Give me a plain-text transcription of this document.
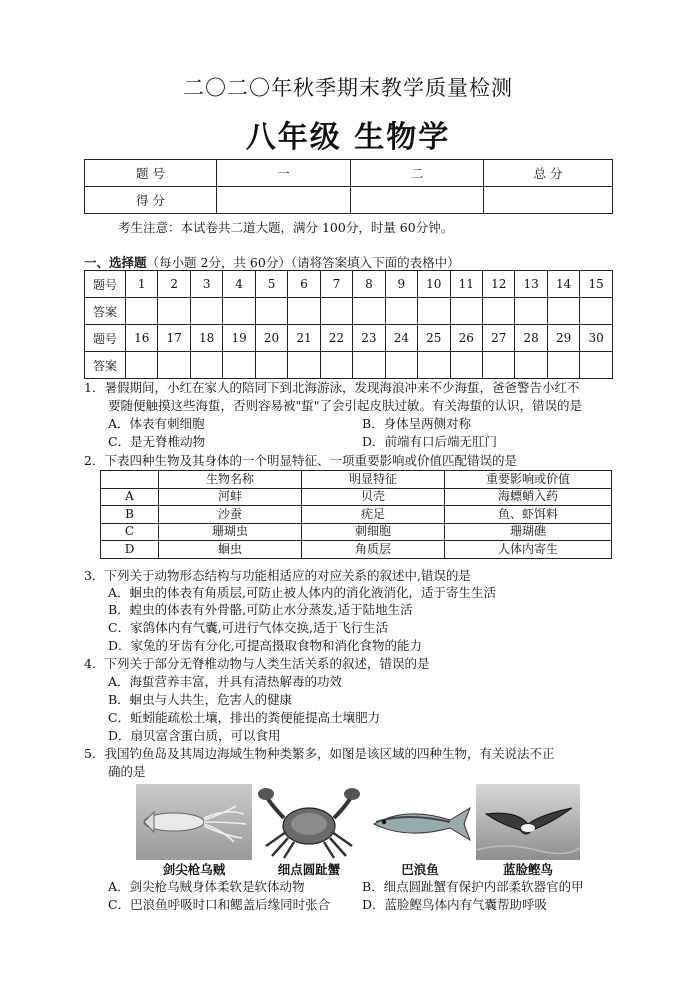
二〇二〇年秋季期末教学质量检测
八年级 生物学
题 号	一	二	总 分
得 分			
考生注意：本试卷共二道大题，满分 100分，时量 60分钟。
一、选择题（每小题 2分，共 60分）（请将答案填入下面的表格中）
题号	1	2	3	4	5	6	7	8	9	10	11	12	13	14	15
答案															
题号	16	17	18	19	20	21	22	23	24	25	26	27	28	29	30
答案															
1．暑假期间，小红在家人的陪同下到北海游泳，发现海浪冲来不少海蜇，爸爸警告小红不
要随便触摸这些海蜇，否则容易被"蜇"了会引起皮肤过敏。有关海蜇的认识，错误的是
A．体表有刺细胞	B．身体呈两侧对称
C．是无脊椎动物	D．前端有口后端无肛门
2．下表四种生物及其身体的一个明显特征、一项重要影响或价值匹配错误的是
	生物名称	明显特征	重要影响或价值
A	河蚌	贝壳	海螵蛸入药
B	沙蚕	疣足	鱼、虾饵料
C	珊瑚虫	刺细胞	珊瑚礁
D	蛔虫	角质层	人体内寄生
3．下列关于动物形态结构与功能相适应的对应关系的叙述中,错误的是
A．蛔虫的体表有角质层,可防止被人体内的消化液消化，适于寄生生活
B．蝗虫的体表有外骨骼,可防止水分蒸发,适于陆地生活
C．家鸽体内有气囊,可进行气体交换,适于飞行生活
D．家兔的牙齿有分化,可提高摄取食物和消化食物的能力
4．下列关于部分无脊椎动物与人类生活关系的叙述，错误的是
A．海蜇营养丰富，并具有清热解毒的功效
B．蛔虫与人共生，危害人的健康
C．蚯蚓能疏松土壤，排出的粪便能提高土壤肥力
D．扇贝富含蛋白质，可以食用
5．我国钓鱼岛及其周边海域生物种类繁多，如图是该区域的四种生物，有关说法不正
确的是
剑尖枪乌贼	细点圆趾蟹	巴浪鱼	蓝脸鲣鸟
A．剑尖枪乌贼身体柔软是软体动物	B．细点圆趾蟹有保护内部柔软器官的甲
C．巴浪鱼呼吸时口和鳃盖后缘同时张合	D．蓝脸鲣鸟体内有气囊帮助呼吸
